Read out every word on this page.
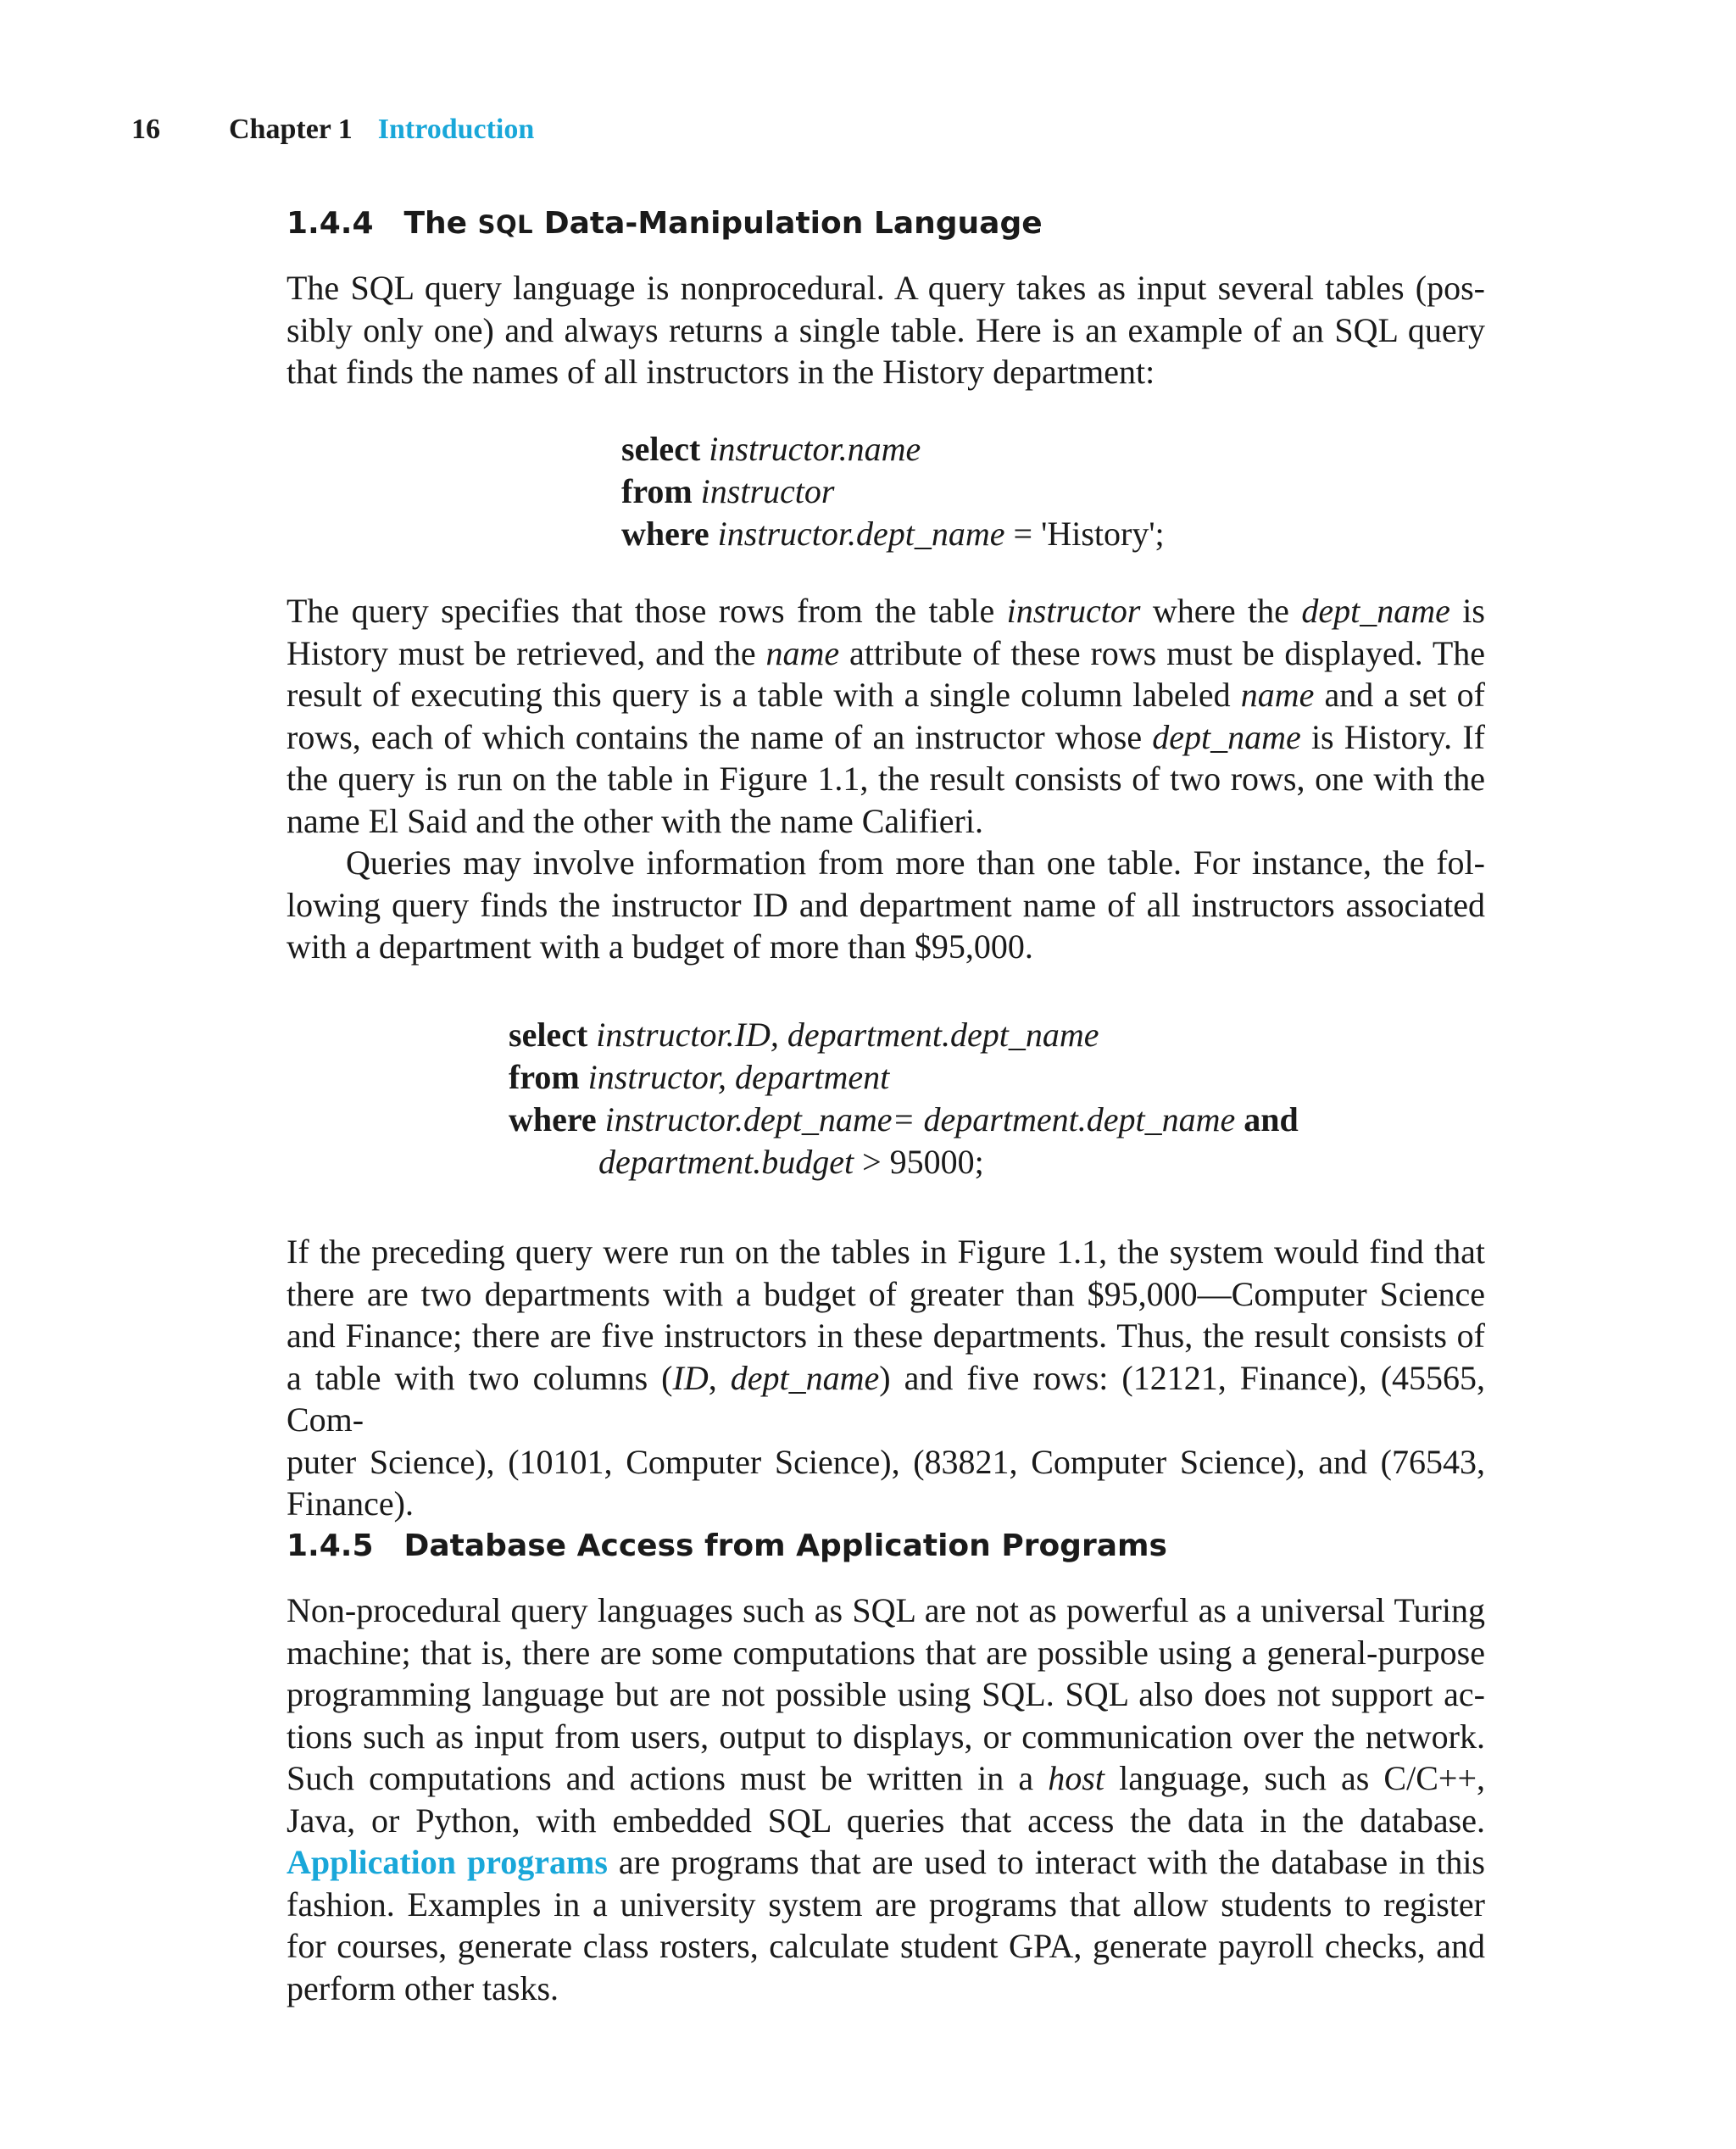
16 Chapter 1 Introduction
1.4.4 The SQL Data-Manipulation Language
The SQL query language is nonprocedural. A query takes as input several tables (pos-
sibly only one) and always returns a single table. Here is an example of an SQL query
that finds the names of all instructors in the History department:
select instructor.name
from instructor
where instructor.dept_name = 'History';
The query specifies that those rows from the table instructor where the dept_name is
History must be retrieved, and the name attribute of these rows must be displayed. The
result of executing this query is a table with a single column labeled name and a set of
rows, each of which contains the name of an instructor whose dept_name is History. If
the query is run on the table in Figure 1.1, the result consists of two rows, one with the
name El Said and the other with the name Califieri.
Queries may involve information from more than one table. For instance, the fol-
lowing query finds the instructor ID and department name of all instructors associated
with a department with a budget of more than $95,000.
select instructor.ID, department.dept_name
from instructor, department
where instructor.dept_name= department.dept_name and
department.budget > 95000;
If the preceding query were run on the tables in Figure 1.1, the system would find that
there are two departments with a budget of greater than $95,000—Computer Science
and Finance; there are five instructors in these departments. Thus, the result consists of
a table with two columns (ID, dept_name) and five rows: (12121, Finance), (45565, Com-
puter Science), (10101, Computer Science), (83821, Computer Science), and (76543,
Finance).
1.4.5 Database Access from Application Programs
Non-procedural query languages such as SQL are not as powerful as a universal Turing
machine; that is, there are some computations that are possible using a general-purpose
programming language but are not possible using SQL. SQL also does not support ac-
tions such as input from users, output to displays, or communication over the network.
Such computations and actions must be written in a host language, such as C/C++,
Java, or Python, with embedded SQL queries that access the data in the database.
Application programs are programs that are used to interact with the database in this
fashion. Examples in a university system are programs that allow students to register
for courses, generate class rosters, calculate student GPA, generate payroll checks, and
perform other tasks.
